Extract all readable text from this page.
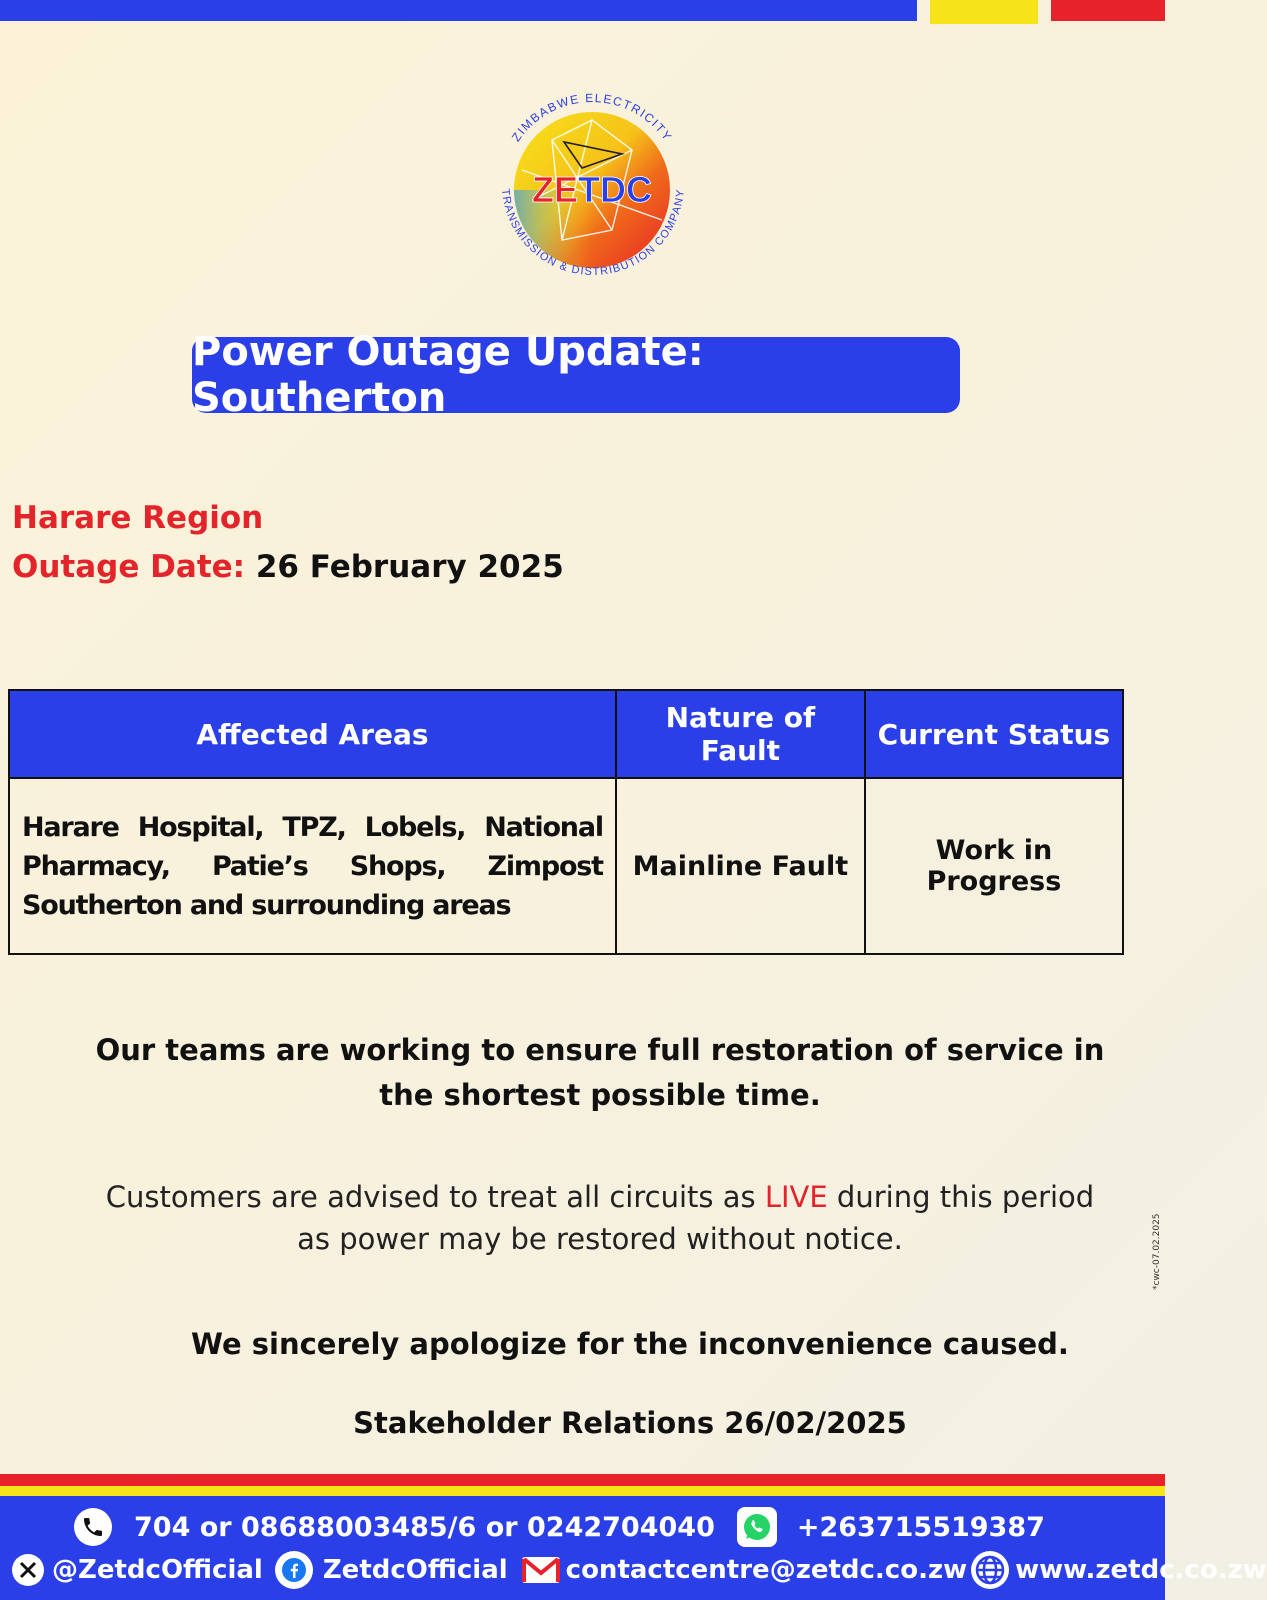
ZETDC
ZIMBABWE ELECTRICITY
TRANSMISSION & DISTRIBUTION COMPANY
Power Outage Update: Southerton
Harare Region
Outage Date: 26 February 2025
Affected Areas	Nature of Fault	Current Status
Harare Hospital, TPZ, Lobels, National Pharmacy, Patie’s Shops, Zimpost Southerton and surrounding areas	Mainline Fault	Work in Progress
Our teams are working to ensure full restoration of service in the shortest possible time.
Customers are advised to treat all circuits as LIVE during this period as power may be restored without notice.
We sincerely apologize for the inconvenience caused.
Stakeholder Relations 26/02/2025
*cwc-07.02.2025
704 or 08688003485/6 or 0242704040	+263715519387
@ZetdcOfficial ZetdcOfficial contactcentre@zetdc.co.zw www.zetdc.co.zw
